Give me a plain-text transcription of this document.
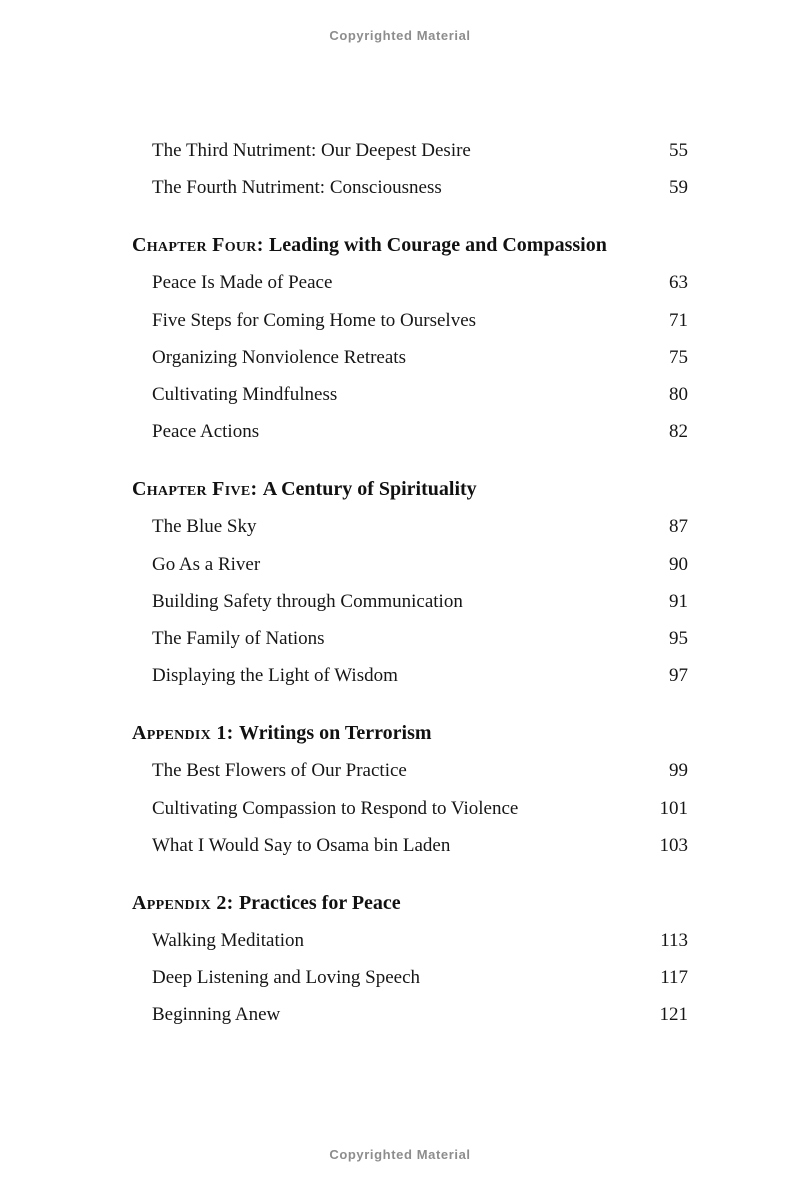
Copyrighted Material
The Third Nutriment: Our Deepest Desire	55
The Fourth Nutriment: Consciousness	59
Chapter Four: Leading with Courage and Compassion
Peace Is Made of Peace	63
Five Steps for Coming Home to Ourselves	71
Organizing Nonviolence Retreats	75
Cultivating Mindfulness	80
Peace Actions	82
Chapter Five: A Century of Spirituality
The Blue Sky	87
Go As a River	90
Building Safety through Communication	91
The Family of Nations	95
Displaying the Light of Wisdom	97
Appendix 1: Writings on Terrorism
The Best Flowers of Our Practice	99
Cultivating Compassion to Respond to Violence	101
What I Would Say to Osama bin Laden	103
Appendix 2: Practices for Peace
Walking Meditation	113
Deep Listening and Loving Speech	117
Beginning Anew	121
Copyrighted Material
